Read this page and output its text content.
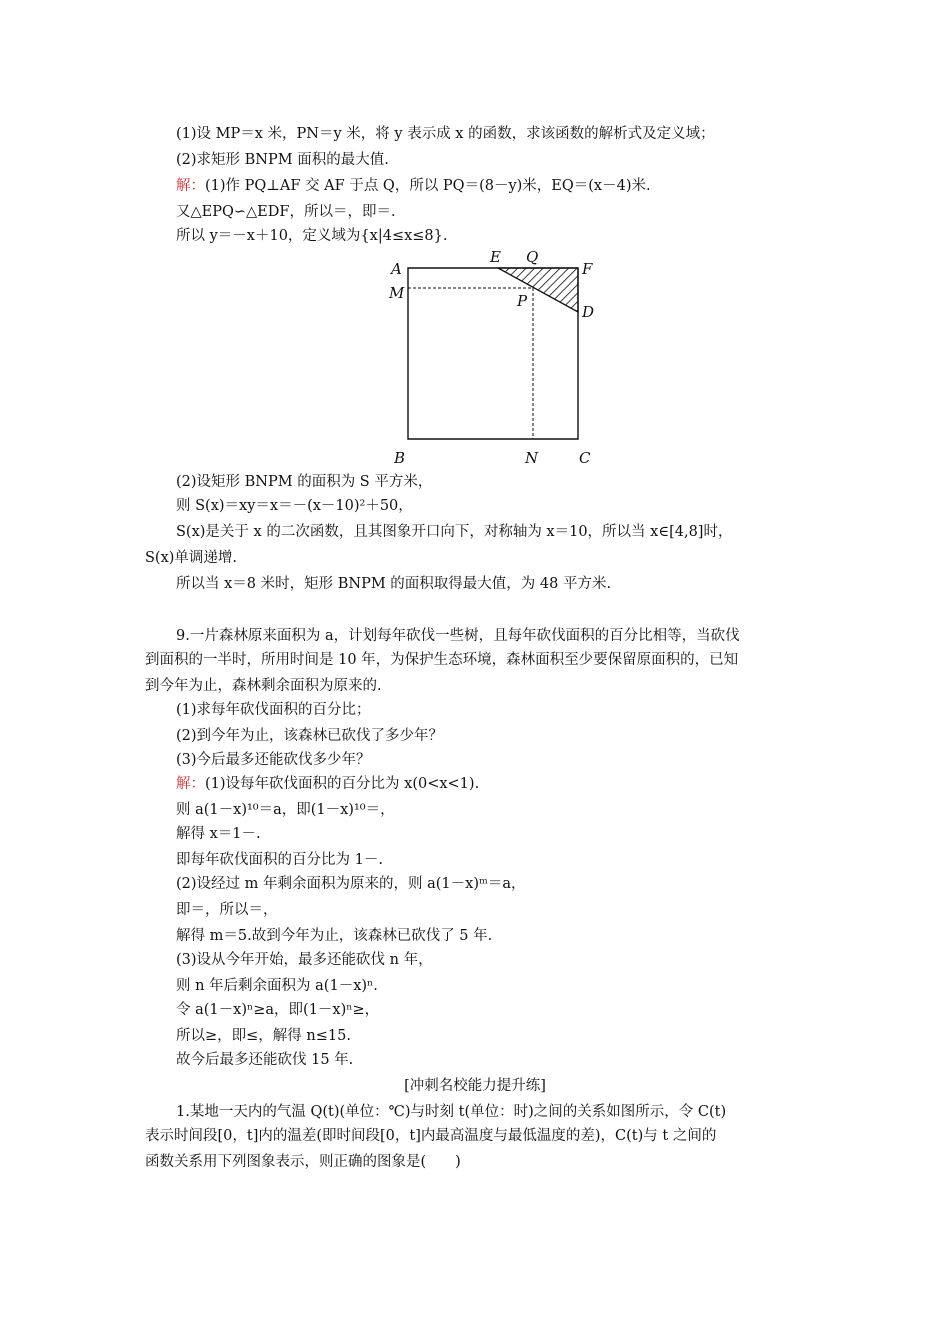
(1)设 MP＝x 米，PN＝y 米，将 y 表示成 x 的函数，求该函数的解析式及定义域；
(2)求矩形 BNPM 面积的最大值.
解：(1)作 PQ⊥AF 交 AF 于点 Q，所以 PQ＝(8－y)米，EQ＝(x－4)米.
又△EPQ∽△EDF，所以＝，即＝.
所以 y＝－x＋10，定义域为{x|4≤x≤8}.
A
E Q
F
M	P
D
B	N	C
(2)设矩形 BNPM 的面积为 S 平方米，
则 S(x)＝xy＝x＝－(x－10)²＋50，
S(x)是关于 x 的二次函数，且其图象开口向下，对称轴为 x＝10，所以当 x∈[4,8]时，
S(x)单调递增.
所以当 x＝8 米时，矩形 BNPM 的面积取得最大值，为 48 平方米.
9.一片森林原来面积为 a，计划每年砍伐一些树，且每年砍伐面积的百分比相等，当砍伐
到面积的一半时，所用时间是 10 年，为保护生态环境，森林面积至少要保留原面积的，已知
到今年为止，森林剩余面积为原来的.
(1)求每年砍伐面积的百分比；
(2)到今年为止，该森林已砍伐了多少年？
(3)今后最多还能砍伐多少年？
解：(1)设每年砍伐面积的百分比为 x(0<x<1).
则 a(1－x)¹⁰＝a，即(1－x)¹⁰＝，
解得 x＝1－.
即每年砍伐面积的百分比为 1－.
(2)设经过 m 年剩余面积为原来的，则 a(1－x)ᵐ＝a，
即＝，所以＝，
解得 m＝5.故到今年为止，该森林已砍伐了 5 年.
(3)设从今年开始，最多还能砍伐 n 年，
则 n 年后剩余面积为 a(1－x)ⁿ.
令 a(1－x)ⁿ≥a，即(1－x)ⁿ≥，
所以≥，即≤，解得 n≤15.
故今后最多还能砍伐 15 年.
[冲刺名校能力提升练]
1.某地一天内的气温 Q(t)(单位：℃)与时刻 t(单位：时)之间的关系如图所示，令 C(t)
表示时间段[0，t]内的温差(即时间段[0，t]内最高温度与最低温度的差)，C(t)与 t 之间的
函数关系用下列图象表示，则正确的图象是(　　)
